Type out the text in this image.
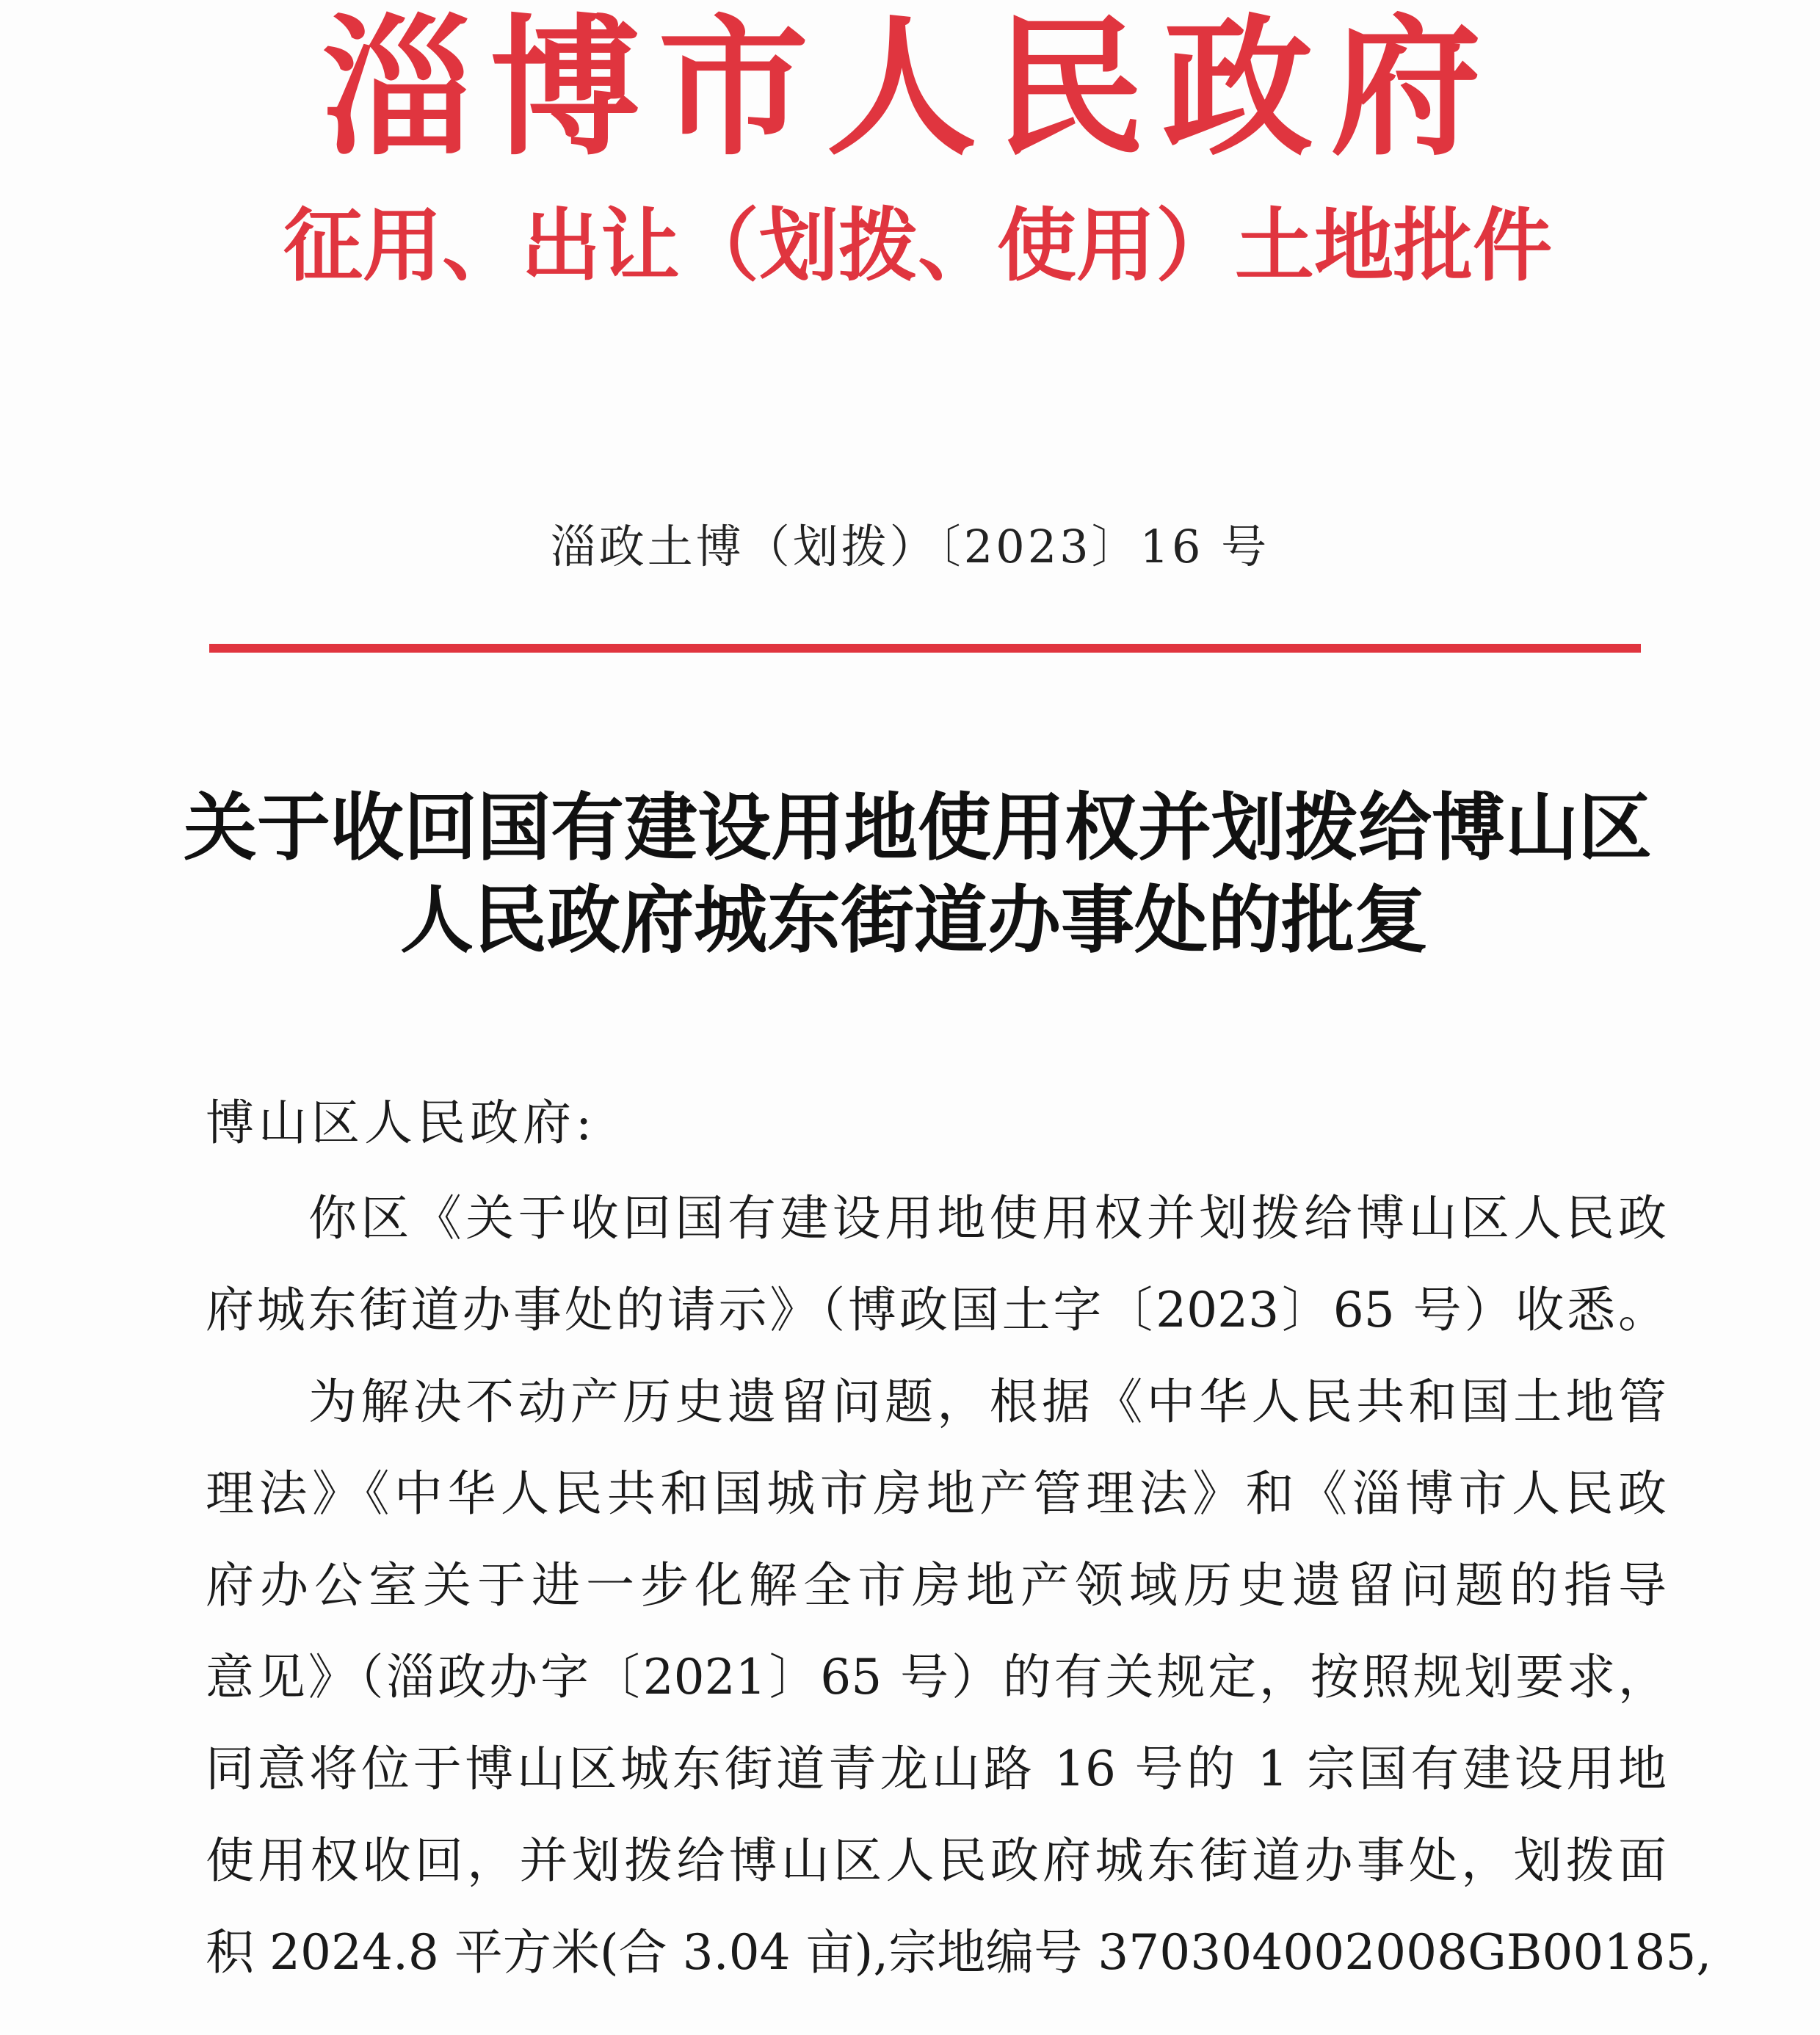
淄博市人民政府
征用、出让（划拨、使用）土地批件
淄政土博（划拨）〔2023〕16 号
关于收回国有建设用地使用权并划拨给博山区
人民政府城东街道办事处的批复
博山区人民政府:
你区《关于收回国有建设用地使用权并划拨给博山区人民政
府城东街道办事处的请示》（博政国土字〔2023〕65 号）收悉。
为解决不动产历史遗留问题，根据《中华人民共和国土地管
理法》《中华人民共和国城市房地产管理法》和《淄博市人民政
府办公室关于进一步化解全市房地产领域历史遗留问题的指导
意见》（淄政办字〔2021〕65 号）的有关规定，按照规划要求，
同意将位于博山区城东街道青龙山路 16 号的 1 宗国有建设用地
使用权收回，并划拨给博山区人民政府城东街道办事处，划拨面
积 2024.8 平方米(合 3.04 亩),宗地编号 370304002008GB00185,
